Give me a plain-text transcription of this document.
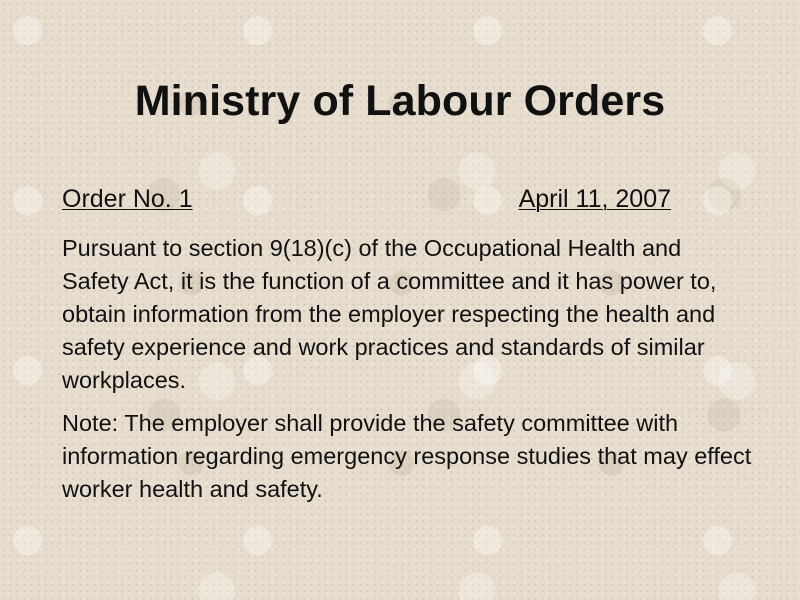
Ministry of Labour Orders
Order No. 1	April 11, 2007

Pursuant to section 9(18)(c) of the Occupational Health and Safety Act, it is the function of a committee and it has power to, obtain information from the employer respecting the health and safety experience and work practices and standards of similar workplaces.

Note: The employer shall provide the safety committee with information regarding emergency response studies that may effect worker health and safety.
